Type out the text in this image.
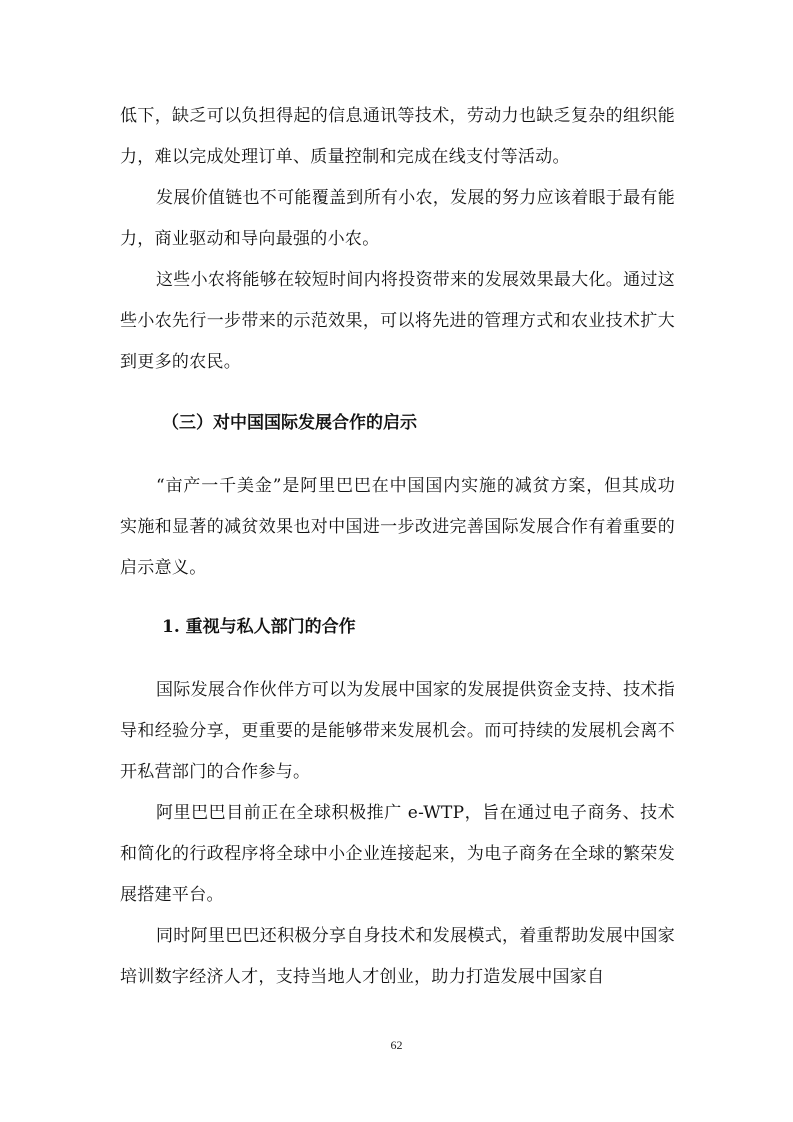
低下，缺乏可以负担得起的信息通讯等技术，劳动力也缺乏复杂的组织能力，难以完成处理订单、质量控制和完成在线支付等活动。

发展价值链也不可能覆盖到所有小农，发展的努力应该着眼于最有能力，商业驱动和导向最强的小农。

这些小农将能够在较短时间内将投资带来的发展效果最大化。通过这些小农先行一步带来的示范效果，可以将先进的管理方式和农业技术扩大到更多的农民。

（三）对中国国际发展合作的启示

“亩产一千美金”是阿里巴巴在中国国内实施的减贫方案，但其成功实施和显著的减贫效果也对中国进一步改进完善国际发展合作有着重要的启示意义。

1. 重视与私人部门的合作

国际发展合作伙伴方可以为发展中国家的发展提供资金支持、技术指导和经验分享，更重要的是能够带来发展机会。而可持续的发展机会离不开私营部门的合作参与。

阿里巴巴目前正在全球积极推广 e-WTP，旨在通过电子商务、技术和简化的行政程序将全球中小企业连接起来，为电子商务在全球的繁荣发展搭建平台。

同时阿里巴巴还积极分享自身技术和发展模式，着重帮助发展中国家培训数字经济人才，支持当地人才创业，助力打造发展中国家自

62
